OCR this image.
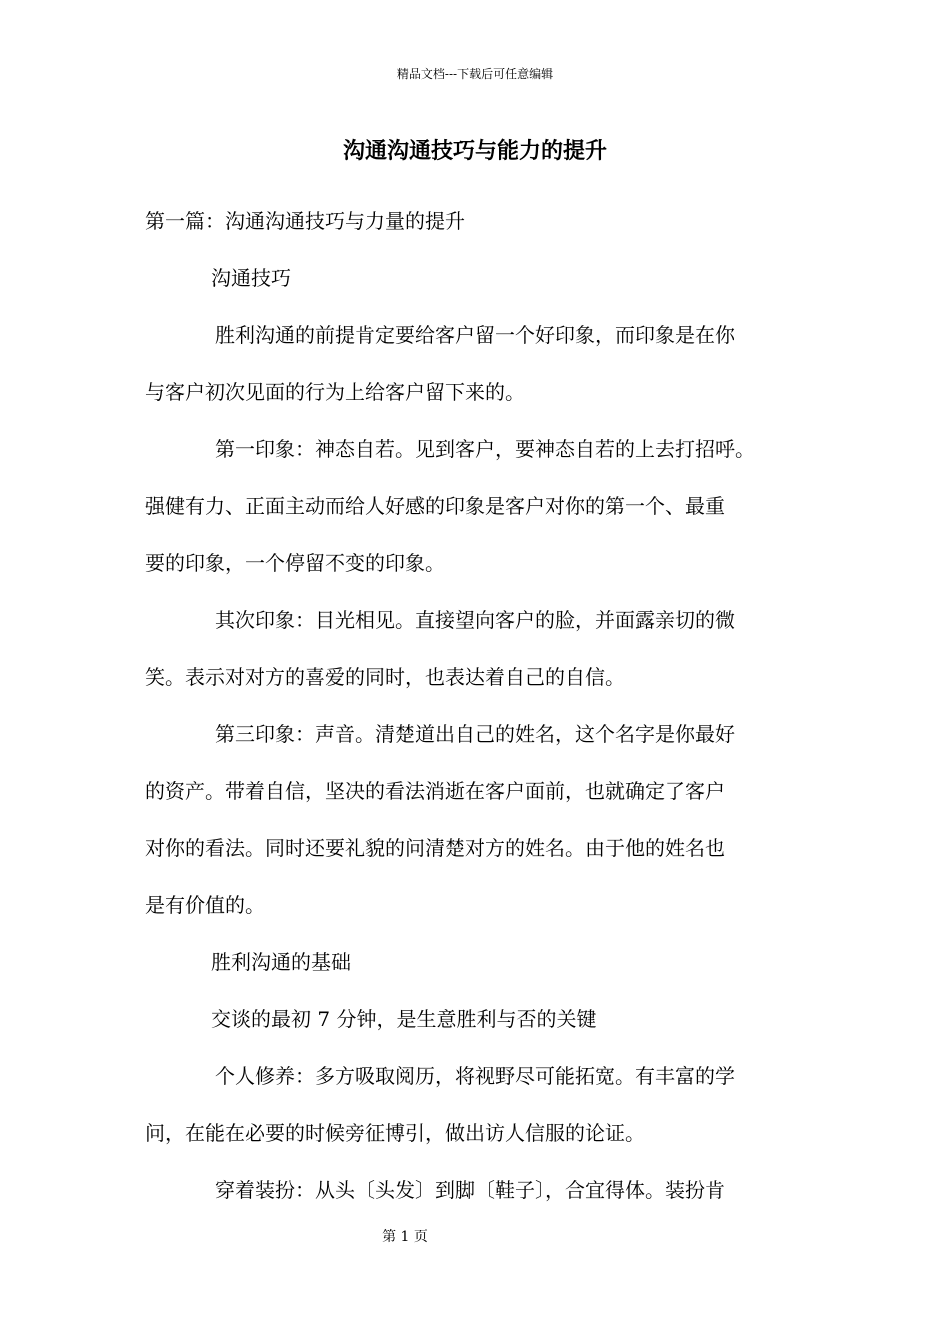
精品文档---下载后可任意编辑
沟通沟通技巧与能力的提升

第一篇：沟通沟通技巧与力量的提升

沟通技巧

胜利沟通的前提肯定要给客户留一个好印象，而印象是在你

与客户初次见面的行为上给客户留下来的。

第一印象：神态自若。见到客户，要神态自若的上去打招呼。

强健有力、正面主动而给人好感的印象是客户对你的第一个、最重

要的印象，一个停留不变的印象。

其次印象：目光相见。直接望向客户的脸，并面露亲切的微

笑。表示对对方的喜爱的同时，也表达着自己的自信。

第三印象：声音。清楚道出自己的姓名，这个名字是你最好

的资产。带着自信，坚决的看法消逝在客户面前，也就确定了客户

对你的看法。同时还要礼貌的问清楚对方的姓名。由于他的姓名也

是有价值的。

胜利沟通的基础

交谈的最初 7 分钟，是生意胜利与否的关键

个人修养：多方吸取阅历，将视野尽可能拓宽。有丰富的学

问，在能在必要的时候旁征博引，做出访人信服的论证。

穿着装扮：从头〔头发〕到脚〔鞋子〕，合宜得体。装扮肯

第 1 页
